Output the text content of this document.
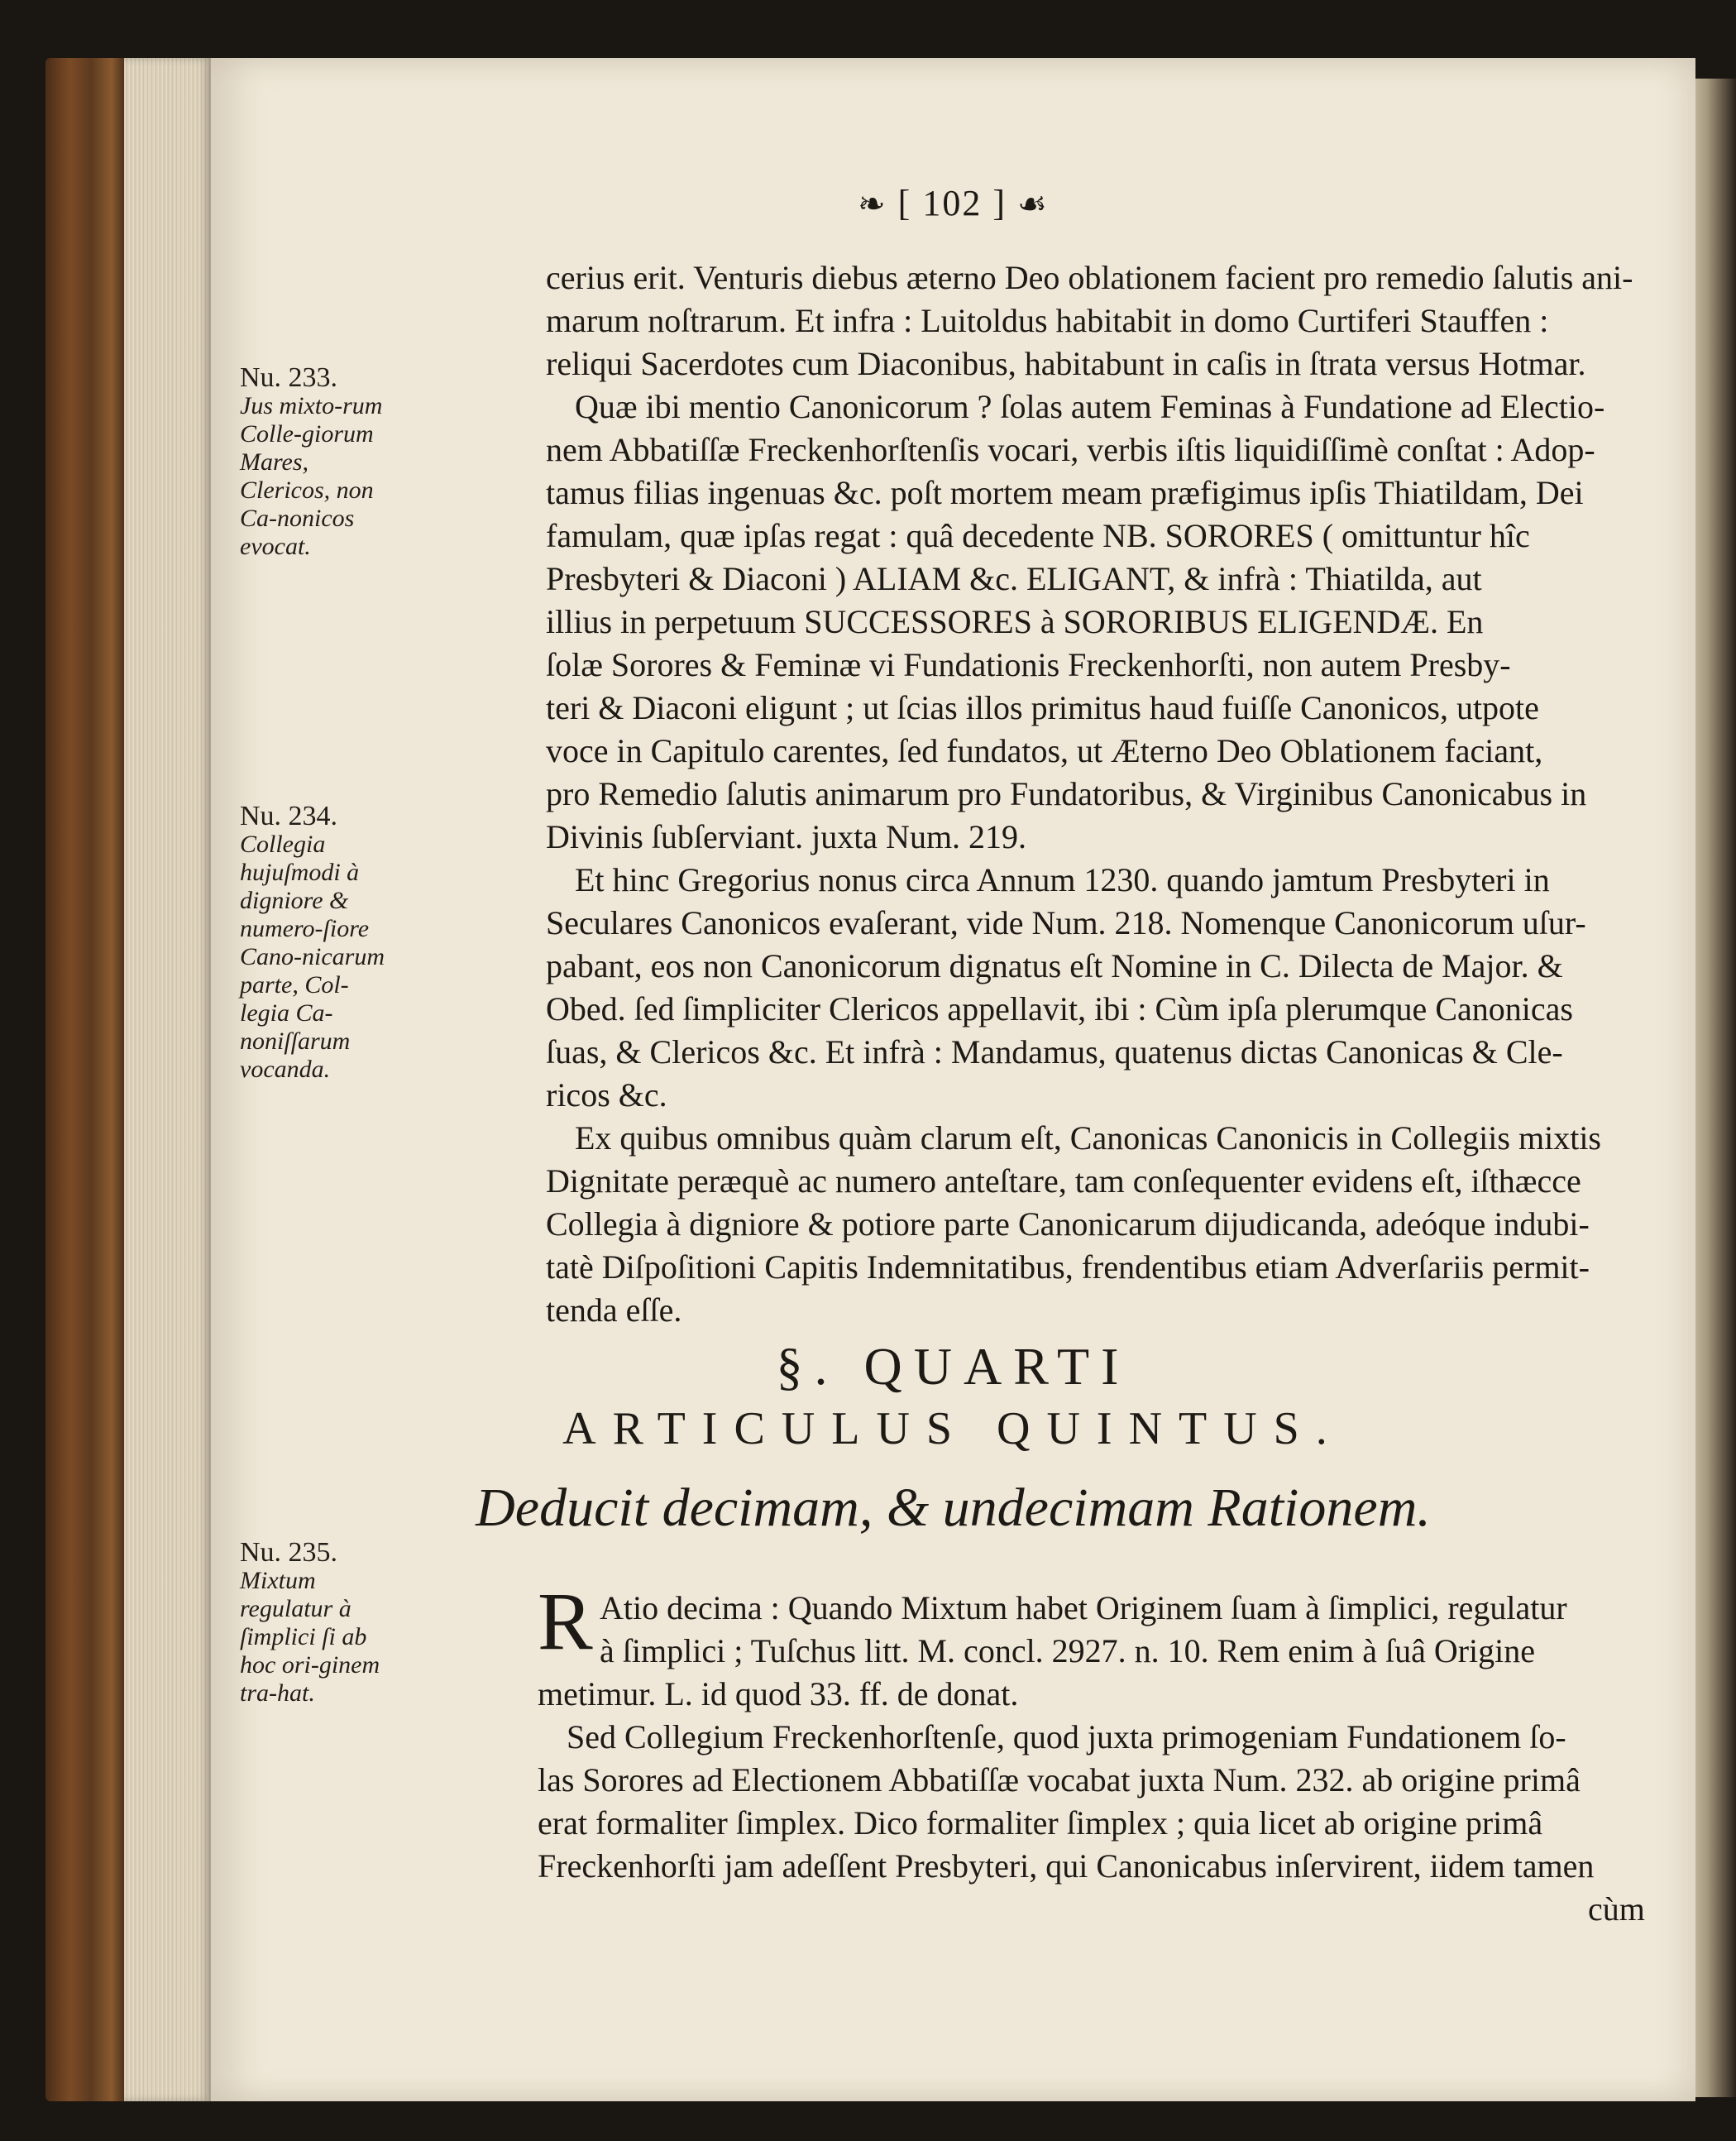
❧ [ 102 ] ☙
Nu. 233.
Jus mixto-rum Colle-giorum Mares, Clericos, non Ca-nonicos evocat.
Nu. 234.
Collegia hujuſmodi à digniore & numero-ſiore Cano-nicarum parte, Col-legia Ca-noniſſarum vocanda.
Nu. 235.
Mixtum regulatur à ſimplici ſi ab hoc ori-ginem tra-hat.
cerius erit. Venturis diebus æterno Deo oblationem facient pro remedio ſalutis ani-
marum noſtrarum. Et infra : Luitoldus habitabit in domo Curtiferi Stauffen :
reliqui Sacerdotes cum Diaconibus, habitabunt in caſis in ſtrata versus Hotmar.
Quæ ibi mentio Canonicorum ? ſolas autem Feminas à Fundatione ad Electio-
nem Abbatiſſæ Freckenhorſtenſis vocari, verbis iſtis liquidiſſimè conſtat : Adop-
tamus filias ingenuas &c. poſt mortem meam præfigimus ipſis Thiatildam, Dei
famulam, quæ ipſas regat : quâ decedente NB. SORORES ( omittuntur hîc
Presbyteri & Diaconi ) ALIAM &c. ELIGANT, & infrà : Thiatilda, aut
illius in perpetuum SUCCESSORES à SORORIBUS ELIGENDÆ. En
ſolæ Sorores & Feminæ vi Fundationis Freckenhorſti, non autem Presby-
teri & Diaconi eligunt ; ut ſcias illos primitus haud fuiſſe Canonicos, utpote
voce in Capitulo carentes, ſed fundatos, ut Æterno Deo Oblationem faciant,
pro Remedio ſalutis animarum pro Fundatoribus, & Virginibus Canonicabus in
Divinis ſubſerviant. juxta Num. 219.
Et hinc Gregorius nonus circa Annum 1230. quando jamtum Presbyteri in
Seculares Canonicos evaſerant, vide Num. 218. Nomenque Canonicorum uſur-
pabant, eos non Canonicorum dignatus eſt Nomine in C. Dilecta de Major. &
Obed. ſed ſimpliciter Clericos appellavit, ibi : Cùm ipſa plerumque Canonicas
ſuas, & Clericos &c. Et infrà : Mandamus, quatenus dictas Canonicas & Cle-
ricos &c.
Ex quibus omnibus quàm clarum eſt, Canonicas Canonicis in Collegiis mixtis
Dignitate peræquè ac numero anteſtare, tam conſequenter evidens eſt, iſthæcce
Collegia à digniore & potiore parte Canonicarum dijudicanda, adeóque indubi-
tatè Diſpoſitioni Capitis Indemnitatibus, frendentibus etiam Adverſariis permit-
tenda eſſe.
§. QUARTI
ARTICULUS QUINTUS.
Deducit decimam, & undecimam Rationem.
R Atio decima : Quando Mixtum habet Originem ſuam à ſimplici, regulatur
à ſimplici ; Tuſchus litt. M. concl. 2927. n. 10. Rem enim à ſuâ Origine
metimur. L. id quod 33. ff. de donat.
Sed Collegium Freckenhorſtenſe, quod juxta primogeniam Fundationem ſo-
las Sorores ad Electionem Abbatiſſæ vocabat juxta Num. 232. ab origine primâ
erat formaliter ſimplex. Dico formaliter ſimplex ; quia licet ab origine primâ
Freckenhorſti jam adeſſent Presbyteri, qui Canonicabus inſervirent, iidem tamen
cùm
